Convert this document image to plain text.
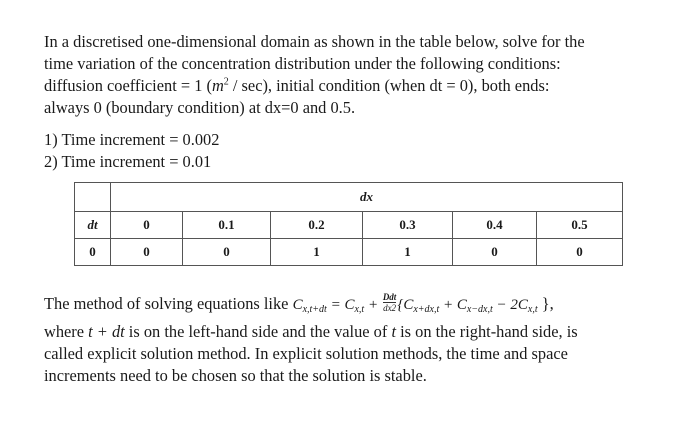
In a discretised one-dimensional domain as shown in the table below, solve for the
time variation of the concentration distribution under the following conditions:
diffusion coefficient = 1 $(m^2 / \sec)$, initial condition (when dt = 0), both ends:
always 0 (boundary condition) at dx=0 and 0.5.
1) Time increment = 0.002
2) Time increment = 0.01
	dx					
dt	0	0.1	0.2	0.3	0.4	0.5
0	0	0	1	1	0	0
The method of solving equations like $C_{x,t+dt} = C_{x,t} + \frac{\text{Ddt}}{dx2} \{C_{x+dx,t} + C_{x-dx,t} - 2C_{x,t}$ },
where t + dt is on the left-hand side and the value of t is on the right-hand side, is
called explicit solution method. In explicit solution methods, the time and space
increments need to be chosen so that the solution is stable.
